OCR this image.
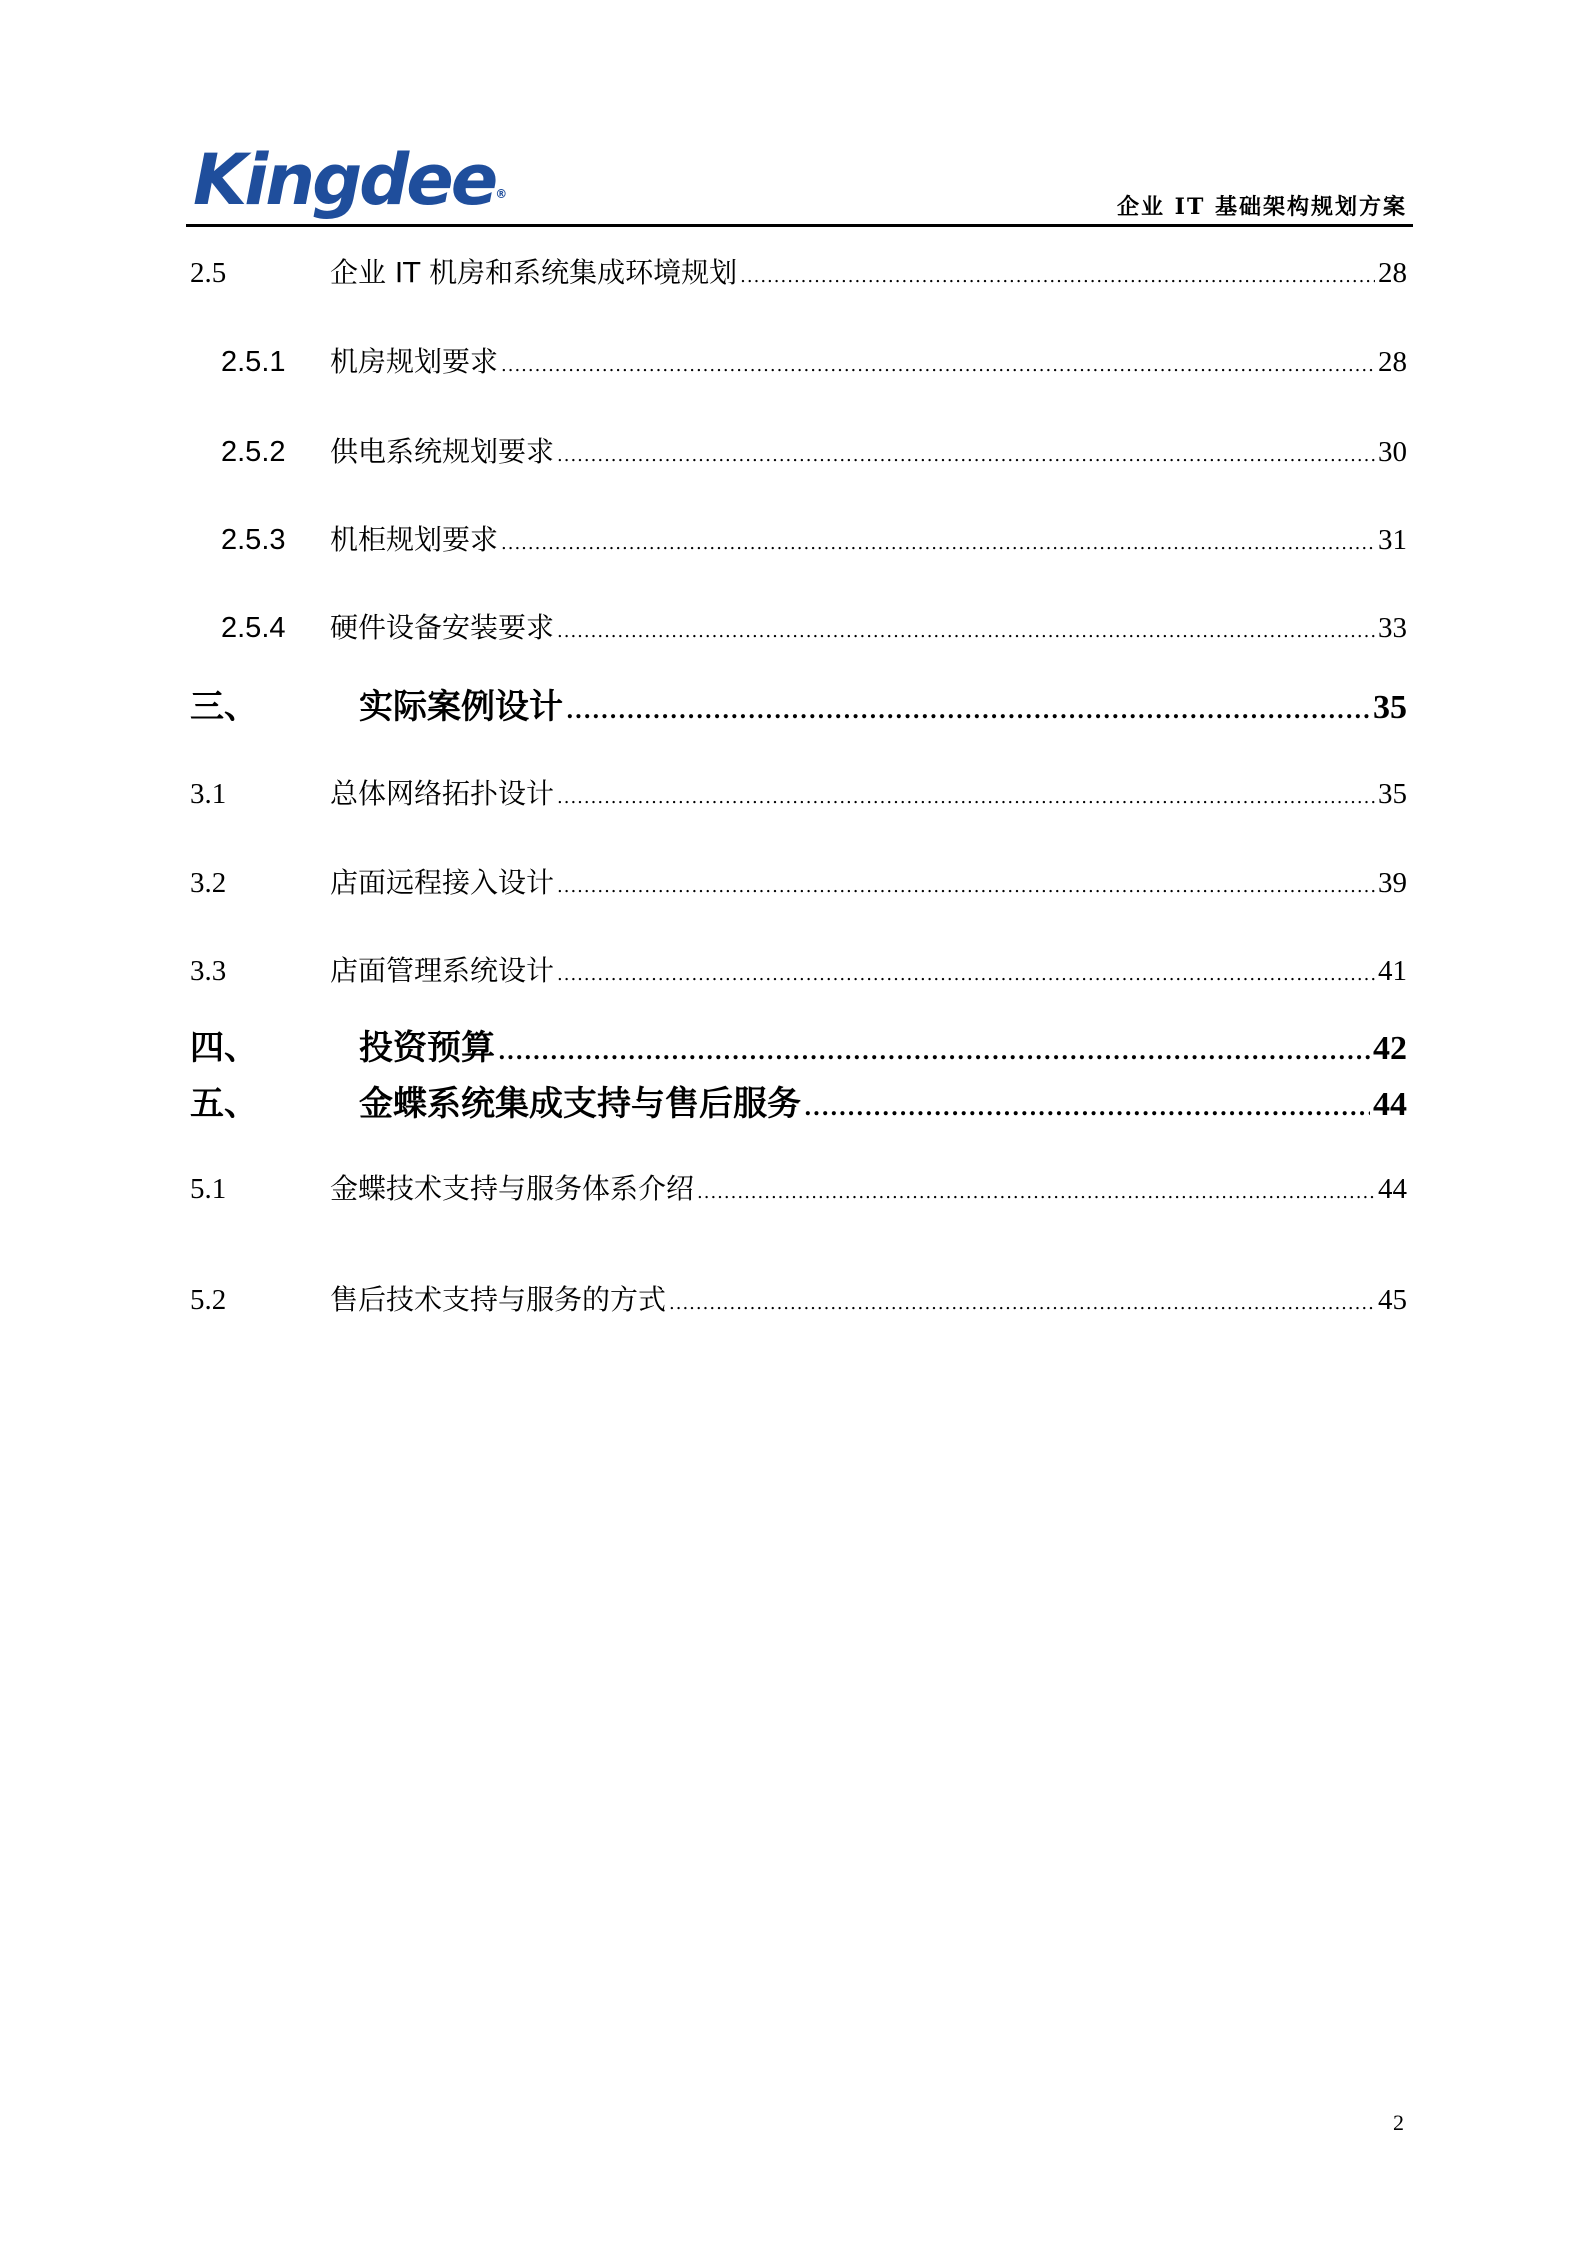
Kingdee®	企业 IT 基础架构规划方案
2.5	企业 IT 机房和系统集成环境规划 .....	28
2.5.1	机房规划要求 .....	28
2.5.2	供电系统规划要求 .....	30
2.5.3	机柜规划要求 .....	31
2.5.4	硬件设备安装要求 .....	33
三、	实际案例设计 .....	35
3.1	总体网络拓扑设计 .....	35
3.2	店面远程接入设计 .....	39
3.3	店面管理系统设计 .....	41
四、	投资预算 .....	42
五、	金蝶系统集成支持与售后服务 .....	44
5.1	金蝶技术支持与服务体系介绍 .....	44
5.2	售后技术支持与服务的方式 .....	45
2
